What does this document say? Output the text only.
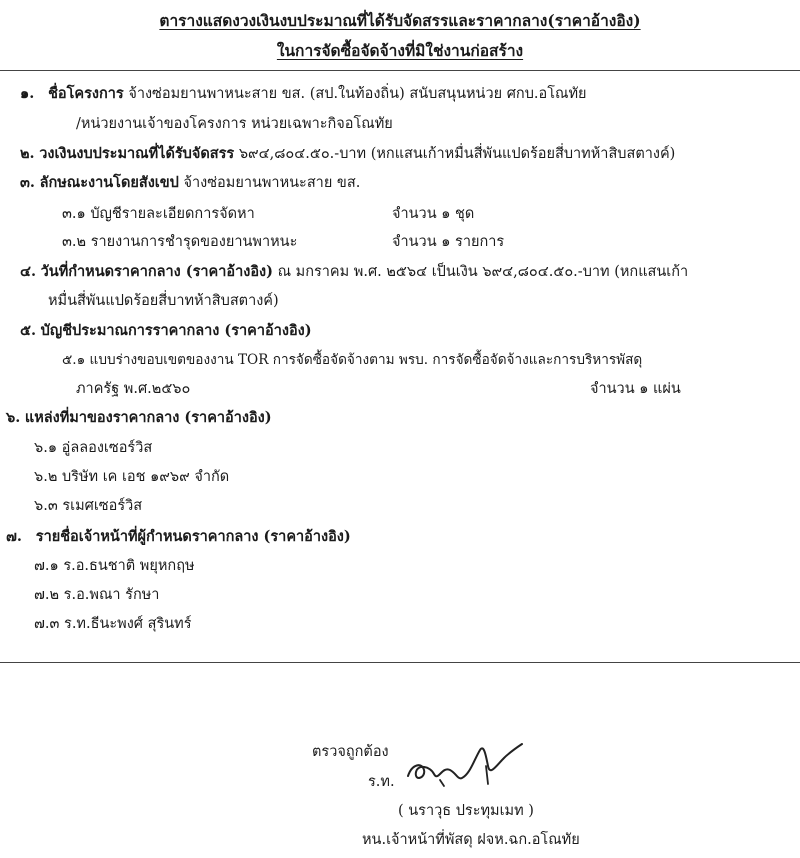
ตารางแสดงวงเงินงบประมาณที่ได้รับจัดสรรและราคากลาง(ราคาอ้างอิง)
ในการจัดซื้อจัดจ้างที่มิใช่งานก่อสร้าง
๑. ชื่อโครงการ จ้างซ่อมยานพาหนะสาย ขส. (สป.ในท้องถิ่น) สนับสนุนหน่วย ศกบ.อโณทัย
/หน่วยงานเจ้าของโครงการ หน่วยเฉพาะกิจอโณทัย
๒. วงเงินงบประมาณที่ได้รับจัดสรร ๖๙๔,๘๐๔.๕๐.-บาท (หกแสนเก้าหมื่นสี่พันแปดร้อยสี่บาทห้าสิบสตางค์)
๓. ลักษณะงานโดยสังเขป จ้างซ่อมยานพาหนะสาย ขส.
๓.๑ บัญชีรายละเอียดการจัดหา	จำนวน ๑ ชุด
๓.๒ รายงานการชำรุดของยานพาหนะ	จำนวน ๑ รายการ
๔. วันที่กำหนดราคากลาง (ราคาอ้างอิง) ณ มกราคม พ.ศ. ๒๕๖๔ เป็นเงิน ๖๙๔,๘๐๔.๕๐.-บาท (หกแสนเก้า
หมื่นสี่พันแปดร้อยสี่บาทห้าสิบสตางค์)
๕. บัญชีประมาณการราคากลาง (ราคาอ้างอิง)
๕.๑ แบบร่างขอบเขตของงาน TOR การจัดซื้อจัดจ้างตาม พรบ. การจัดซื้อจัดจ้างและการบริหารพัสดุ
ภาครัฐ พ.ศ.๒๕๖๐	จำนวน ๑ แผ่น
๖. แหล่งที่มาของราคากลาง (ราคาอ้างอิง)
๖.๑ อู่ลลองเซอร์วิส
๖.๒ บริษัท เค เอช ๑๙๖๙ จำกัด
๖.๓ รเมศเซอร์วิส
๗. รายชื่อเจ้าหน้าที่ผู้กำหนดราคากลาง (ราคาอ้างอิง)
๗.๑ ร.อ.ธนชาติ พยุหกฤษ
๗.๒ ร.อ.พณา รักษา
๗.๓ ร.ท.ธีนะพงศ์ สุรินทร์
ตรวจถูกต้อง
ร.ท.
( นราวุธ ประทุมเมท )
หน.เจ้าหน้าที่พัสดุ ฝจห.ฉก.อโณทัย
